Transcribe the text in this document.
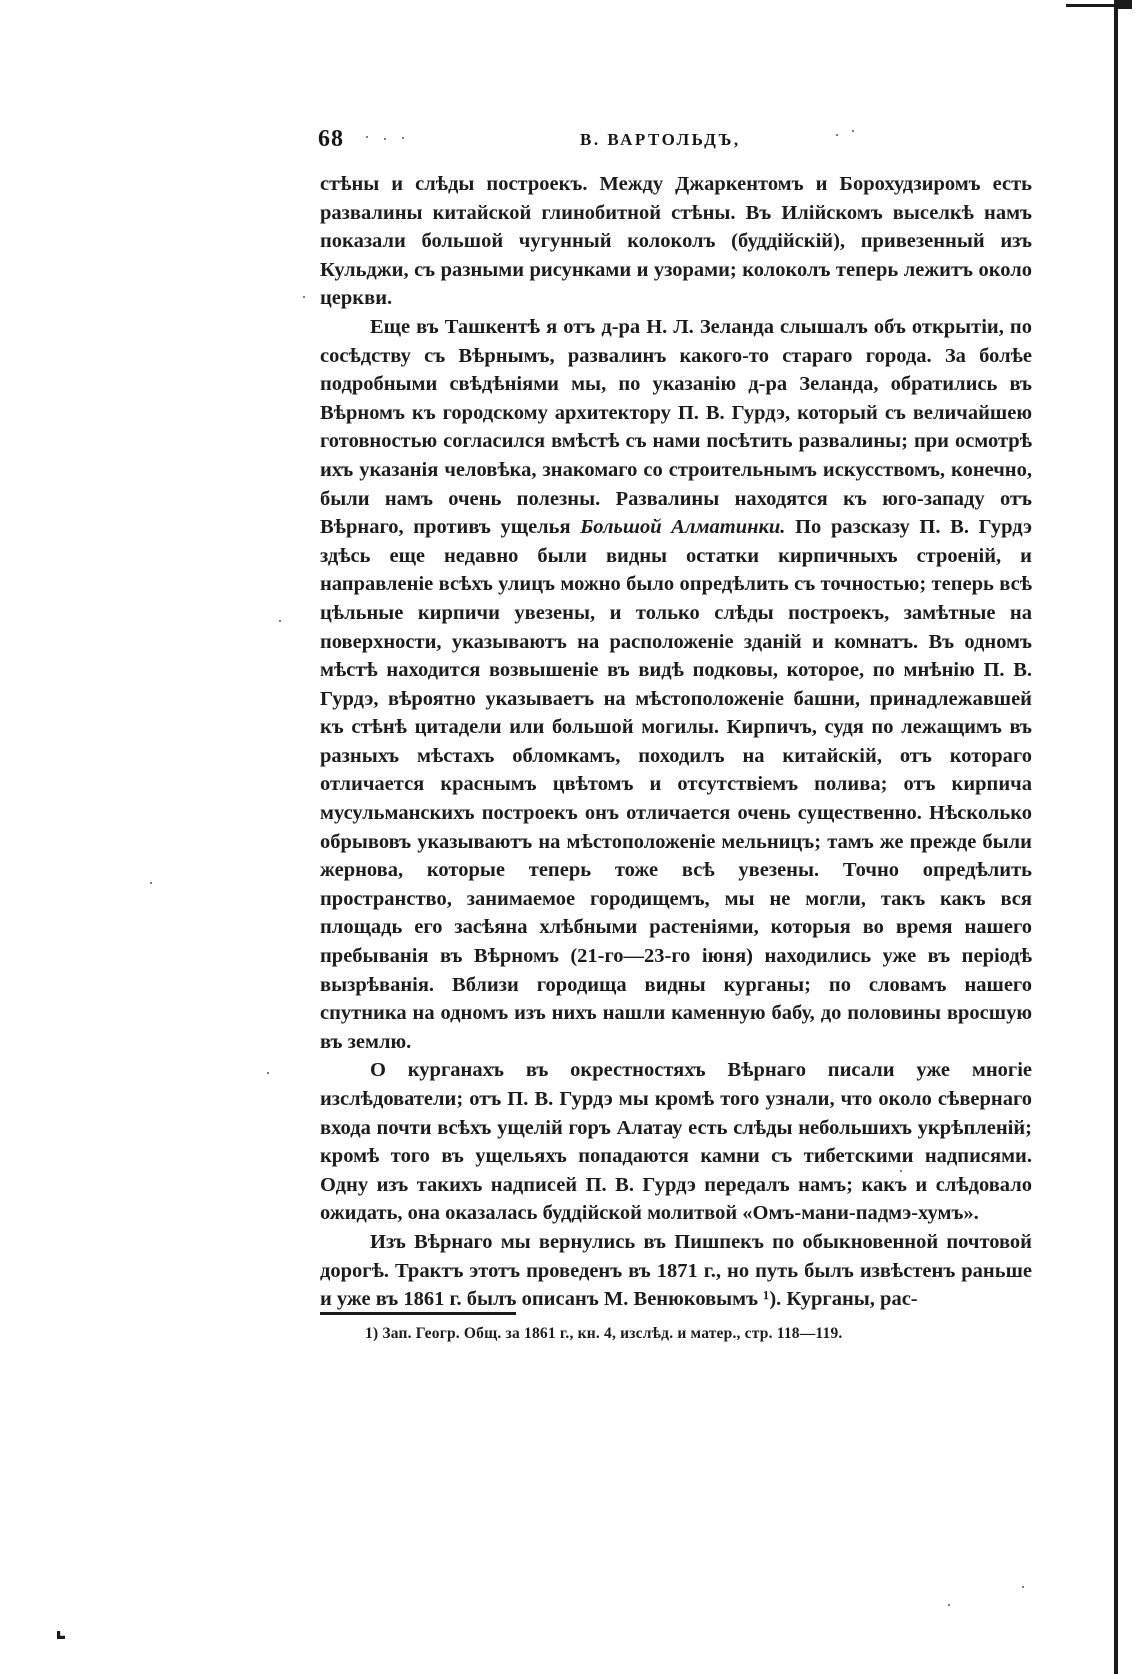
68	В. ВАРТОЛЬДЪ,

стѣны и слѣды построекъ. Между Джаркентомъ и Борохудзиромъ есть развалины китайской глинобитной стѣны. Въ Илійскомъ выселкѣ намъ показали большой чугунный колоколъ (буддійскій), привезенный изъ Кульджи, съ разными рисунками и узорами; колоколъ теперь лежитъ около церкви.

Еще въ Ташкентѣ я отъ д-ра Н. Л. Зеланда слышалъ объ открытіи, по сосѣдству съ Вѣрнымъ, развалинъ какого-то стараго города. За болѣе подробными свѣдѣніями мы, по указанію д-ра Зеланда, обратились въ Вѣрномъ къ городскому архитектору П. В. Гурдэ, который съ величайшею готовностью согласился вмѣстѣ съ нами посѣтить развалины; при осмотрѣ ихъ указанія человѣка, знакомаго со строительнымъ искусствомъ, конечно, были намъ очень полезны. Развалины находятся къ юго-западу отъ Вѣрнаго, противъ ущелья Большой Алматинки. По разсказу П. В. Гурдэ здѣсь еще недавно были видны остатки кирпичныхъ строеній, и направленіе всѣхъ улицъ можно было опредѣлить съ точностью; теперь всѣ цѣльные кирпичи увезены, и только слѣды построекъ, замѣтные на поверхности, указываютъ на расположеніе зданій и комнатъ. Въ одномъ мѣстѣ находится возвышеніе въ видѣ подковы, которое, по мнѣнію П. В. Гурдэ, вѣроятно указываетъ на мѣстоположеніе башни, принадлежавшей къ стѣнѣ цитадели или большой могилы. Кирпичъ, судя по лежащимъ въ разныхъ мѣстахъ обломкамъ, походилъ на китайскій, отъ котораго отличается краснымъ цвѣтомъ и отсутствіемъ полива; отъ кирпича мусульманскихъ построекъ онъ отличается очень существенно. Нѣсколько обрывовъ указываютъ на мѣстоположеніе мельницъ; тамъ же прежде были жернова, которые теперь тоже всѣ увезены. Точно опредѣлить пространство, занимаемое городищемъ, мы не могли, такъ какъ вся площадь его засѣяна хлѣбными растеніями, которыя во время нашего пребыванія въ Вѣрномъ (21-го—23-го іюня) находились уже въ періодѣ вызрѣванія. Вблизи городища видны курганы; по словамъ нашего спутника на одномъ изъ нихъ нашли каменную бабу, до половины вросшую въ землю.

О курганахъ въ окрестностяхъ Вѣрнаго писали уже многіе изслѣдователи; отъ П. В. Гурдэ мы кромѣ того узнали, что около сѣвернаго входа почти всѣхъ ущелій горъ Алатау есть слѣды небольшихъ укрѣпленій; кромѣ того въ ущельяхъ попадаются камни съ тибетскими надписями. Одну изъ такихъ надписей П. В. Гурдэ передалъ намъ; какъ и слѣдовало ожидать, она оказалась буддійской молитвой «Омъ-мани-падмэ-хумъ».

Изъ Вѣрнаго мы вернулись въ Пишпекъ по обыкновенной почтовой дорогѣ. Трактъ этотъ проведенъ въ 1871 г., но путь былъ извѣстенъ раньше и уже въ 1861 г. былъ описанъ М. Венюковымъ ¹). Курганы, рас-

1) Зап. Геогр. Общ. за 1861 г., кн. 4, изслѣд. и матер., стр. 118—119.
